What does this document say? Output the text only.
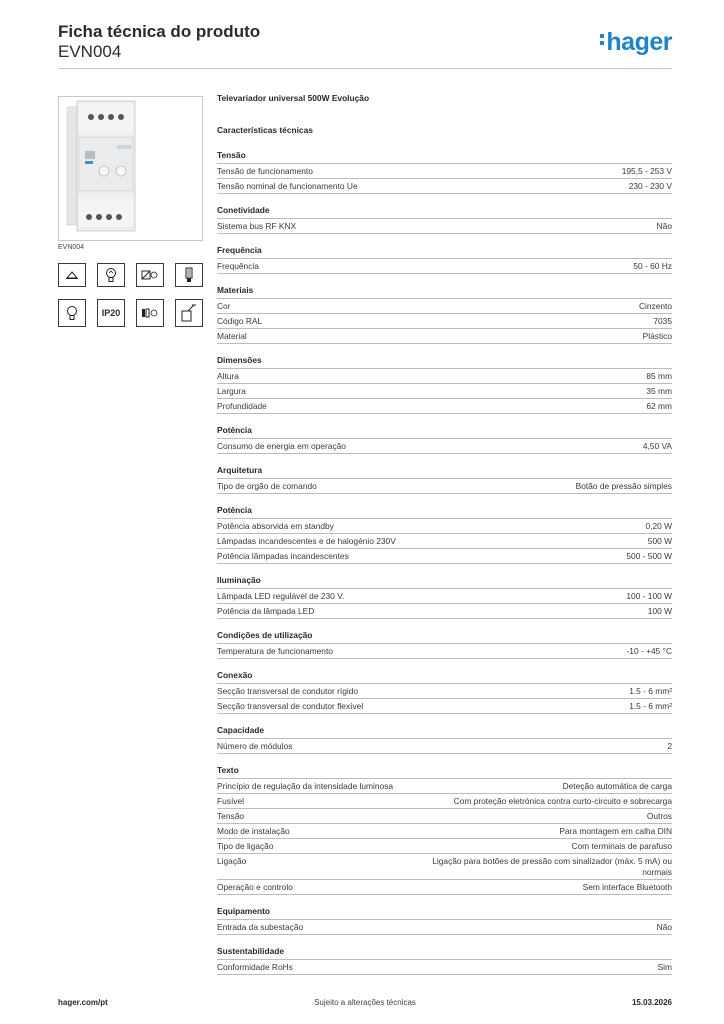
Ficha técnica do produto
EVN004	hager
EVN004
IP20
Televariador universal 500W Evolução
Características técnicas
Tensão
Tensão de funcionamento	195,5 - 253 V
Tensão nominal de funcionamento Ue	230 - 230 V
Conetividade
Sistema bus RF KNX	Não
Frequência
Frequência	50 - 60 Hz
Materiais
Cor	Cinzento
Código RAL	7035
Material	Plástico
Dimensões
Altura	85 mm
Largura	35 mm
Profundidade	62 mm
Potência
Consumo de energia em operação	4,50 VA
Arquitetura
Tipo de orgão de comando	Botão de pressão simples
Potência
Potência absorvida em standby	0,20 W
Lâmpadas incandescentes e de halogénio 230V	500 W
Potência lâmpadas incandescentes	500 - 500 W
Iluminação
Lâmpada LED regulável de 230 V.	100 - 100 W
Potência da lâmpada LED	100 W
Condições de utilização
Temperatura de funcionamento	-10 - +45 °C
Conexão
Secção transversal de condutor rígido	1.5 - 6 mm²
Secção transversal de condutor flexível	1.5 - 6 mm²
Capacidade
Número de módulos	2
Texto
Princípio de regulação da intensidade luminosa	Deteção automática de carga
Fusível	Com proteção eletrónica contra curto-circuito e sobrecarga
Tensão	Outros
Modo de instalação	Para montagem em calha DIN
Tipo de ligação	Com terminais de parafuso
Ligação	Ligação para botões de pressão com sinalizador (máx. 5 mA) ou normais
Operação e controlo	Sem interface Bluetooth
Equipamento
Entrada da subestação	Não
Sustentabilidade
Conformidade RoHs	Sim
hager.com/pt	Sujeito a alterações técnicas	15.03.2026
